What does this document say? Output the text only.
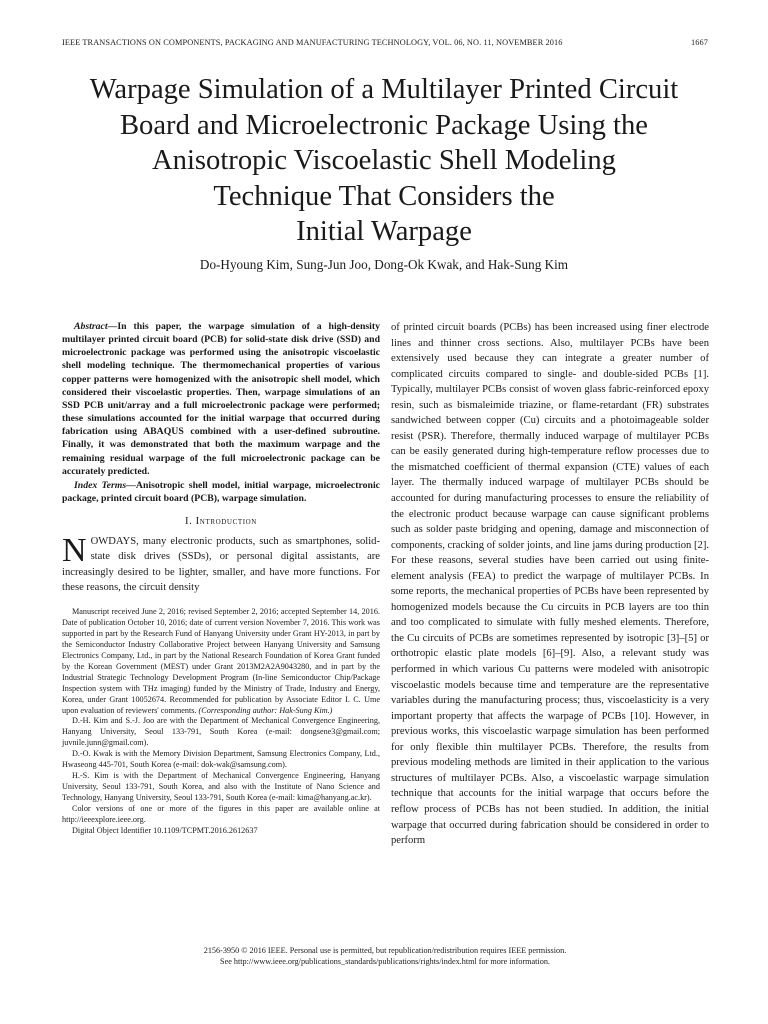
IEEE TRANSACTIONS ON COMPONENTS, PACKAGING AND MANUFACTURING TECHNOLOGY, VOL. 06, NO. 11, NOVEMBER 2016	1667
Warpage Simulation of a Multilayer Printed Circuit
Board and Microelectronic Package Using the
Anisotropic Viscoelastic Shell Modeling
Technique That Considers the
Initial Warpage
Do-Hyoung Kim, Sung-Jun Joo, Dong-Ok Kwak, and Hak-Sung Kim

Abstract—In this paper, the warpage simulation of a high-density multilayer printed circuit board (PCB) for solid-state disk drive (SSD) and microelectronic package was performed using the anisotropic viscoelastic shell modeling technique. The thermomechanical properties of various copper patterns were homogenized with the anisotropic shell model, which considered their viscoelastic properties. Then, warpage simulations of an SSD PCB unit/array and a full microelectronic package were performed; these simulations accounted for the initial warpage that occurred during fabrication using ABAQUS combined with a user-defined subroutine. Finally, it was demonstrated that both the maximum warpage and the remaining residual warpage of the full microelectronic package can be accurately predicted.

Index Terms—Anisotropic shell model, initial warpage, microelectronic package, printed circuit board (PCB), warpage simulation.

I. Introduction

NOWDAYS, many electronic products, such as smartphones, solid-state disk drives (SSDs), or personal digital assistants, are increasingly desired to be lighter, smaller, and have more functions. For these reasons, the circuit density

Manuscript received June 2, 2016; revised September 2, 2016; accepted September 14, 2016. Date of publication October 10, 2016; date of current version November 7, 2016. This work was supported in part by the Research Fund of Hanyang University under Grant HY-2013, in part by the Semiconductor Industry Collaborative Project between Hanyang University and Samsung Electronics Company, Ltd., in part by the National Research Foundation of Korea Grant funded by the Korean Government (MEST) under Grant 2013M2A2A9043280, and in part by the Industrial Strategic Technology Development Program (In-line Semiconductor Chip/Package Inspection system with THz imaging) funded by the Ministry of Trade, Industry and Energy, Korea, under Grant 10052674. Recommended for publication by Associate Editor I. C. Ume upon evaluation of reviewers' comments. (Corresponding author: Hak-Sung Kim.)

D.-H. Kim and S.-J. Joo are with the Department of Mechanical Convergence Engineering, Hanyang University, Seoul 133-791, South Korea (e-mail: dongsene3@gmail.com; juvnile.junn@gmail.com).

D.-O. Kwak is with the Memory Division Department, Samsung Electronics Company, Ltd., Hwaseong 445-701, South Korea (e-mail: dok-wak@samsung.com).

H.-S. Kim is with the Department of Mechanical Convergence Engineering, Hanyang University, Seoul 133-791, South Korea, and also with the Institute of Nano Science and Technology, Hanyang University, Seoul 133-791, South Korea (e-mail: kima@hanyang.ac.kr).

Color versions of one or more of the figures in this paper are available online at http://ieeexplore.ieee.org.

Digital Object Identifier 10.1109/TCPMT.2016.2612637

of printed circuit boards (PCBs) has been increased using finer electrode lines and thinner cross sections. Also, multilayer PCBs have been extensively used because they can integrate a greater number of complicated circuits compared to single- and double-sided PCBs [1]. Typically, multilayer PCBs consist of woven glass fabric-reinforced epoxy resin, such as bismaleimide triazine, or flame-retardant (FR) substrates sandwiched between copper (Cu) circuits and a photoimageable solder resist (PSR). Therefore, thermally induced warpage of multilayer PCBs can be easily generated during high-temperature reflow processes due to the mismatched coefficient of thermal expansion (CTE) values of each layer. The thermally induced warpage of multilayer PCBs should be accounted for during manufacturing processes to ensure the reliability of the electronic product because warpage can cause significant problems such as solder paste bridging and opening, damage and misconnection of components, cracking of solder joints, and line jams during production [2]. For these reasons, several studies have been carried out using finite-element analysis (FEA) to predict the warpage of multilayer PCBs. In some reports, the mechanical properties of PCBs have been represented by homogenized models because the Cu circuits in PCB layers are too thin and too complicated to simulate with fully meshed elements. Therefore, the Cu circuits of PCBs are sometimes represented by isotropic [3]–[5] or orthotropic elastic plate models [6]–[9]. Also, a relevant study was performed in which various Cu patterns were modeled with anisotropic viscoelastic models because time and temperature are the representative variables during the manufacturing process; thus, viscoelasticity is a very important property that affects the warpage of PCBs [10]. However, in previous works, this viscoelastic warpage simulation has been performed for only flexible thin multilayer PCBs. Therefore, the results from previous modeling methods are limited in their application to the various structures of multilayer PCBs. Also, a viscoelastic warpage simulation technique that accounts for the initial warpage that occurs before the reflow process of PCBs has not been studied. In addition, the initial warpage that occurred during fabrication should be considered in order to perform

2156-3950 © 2016 IEEE. Personal use is permitted, but republication/redistribution requires IEEE permission.
See http://www.ieee.org/publications_standards/publications/rights/index.html for more information.
